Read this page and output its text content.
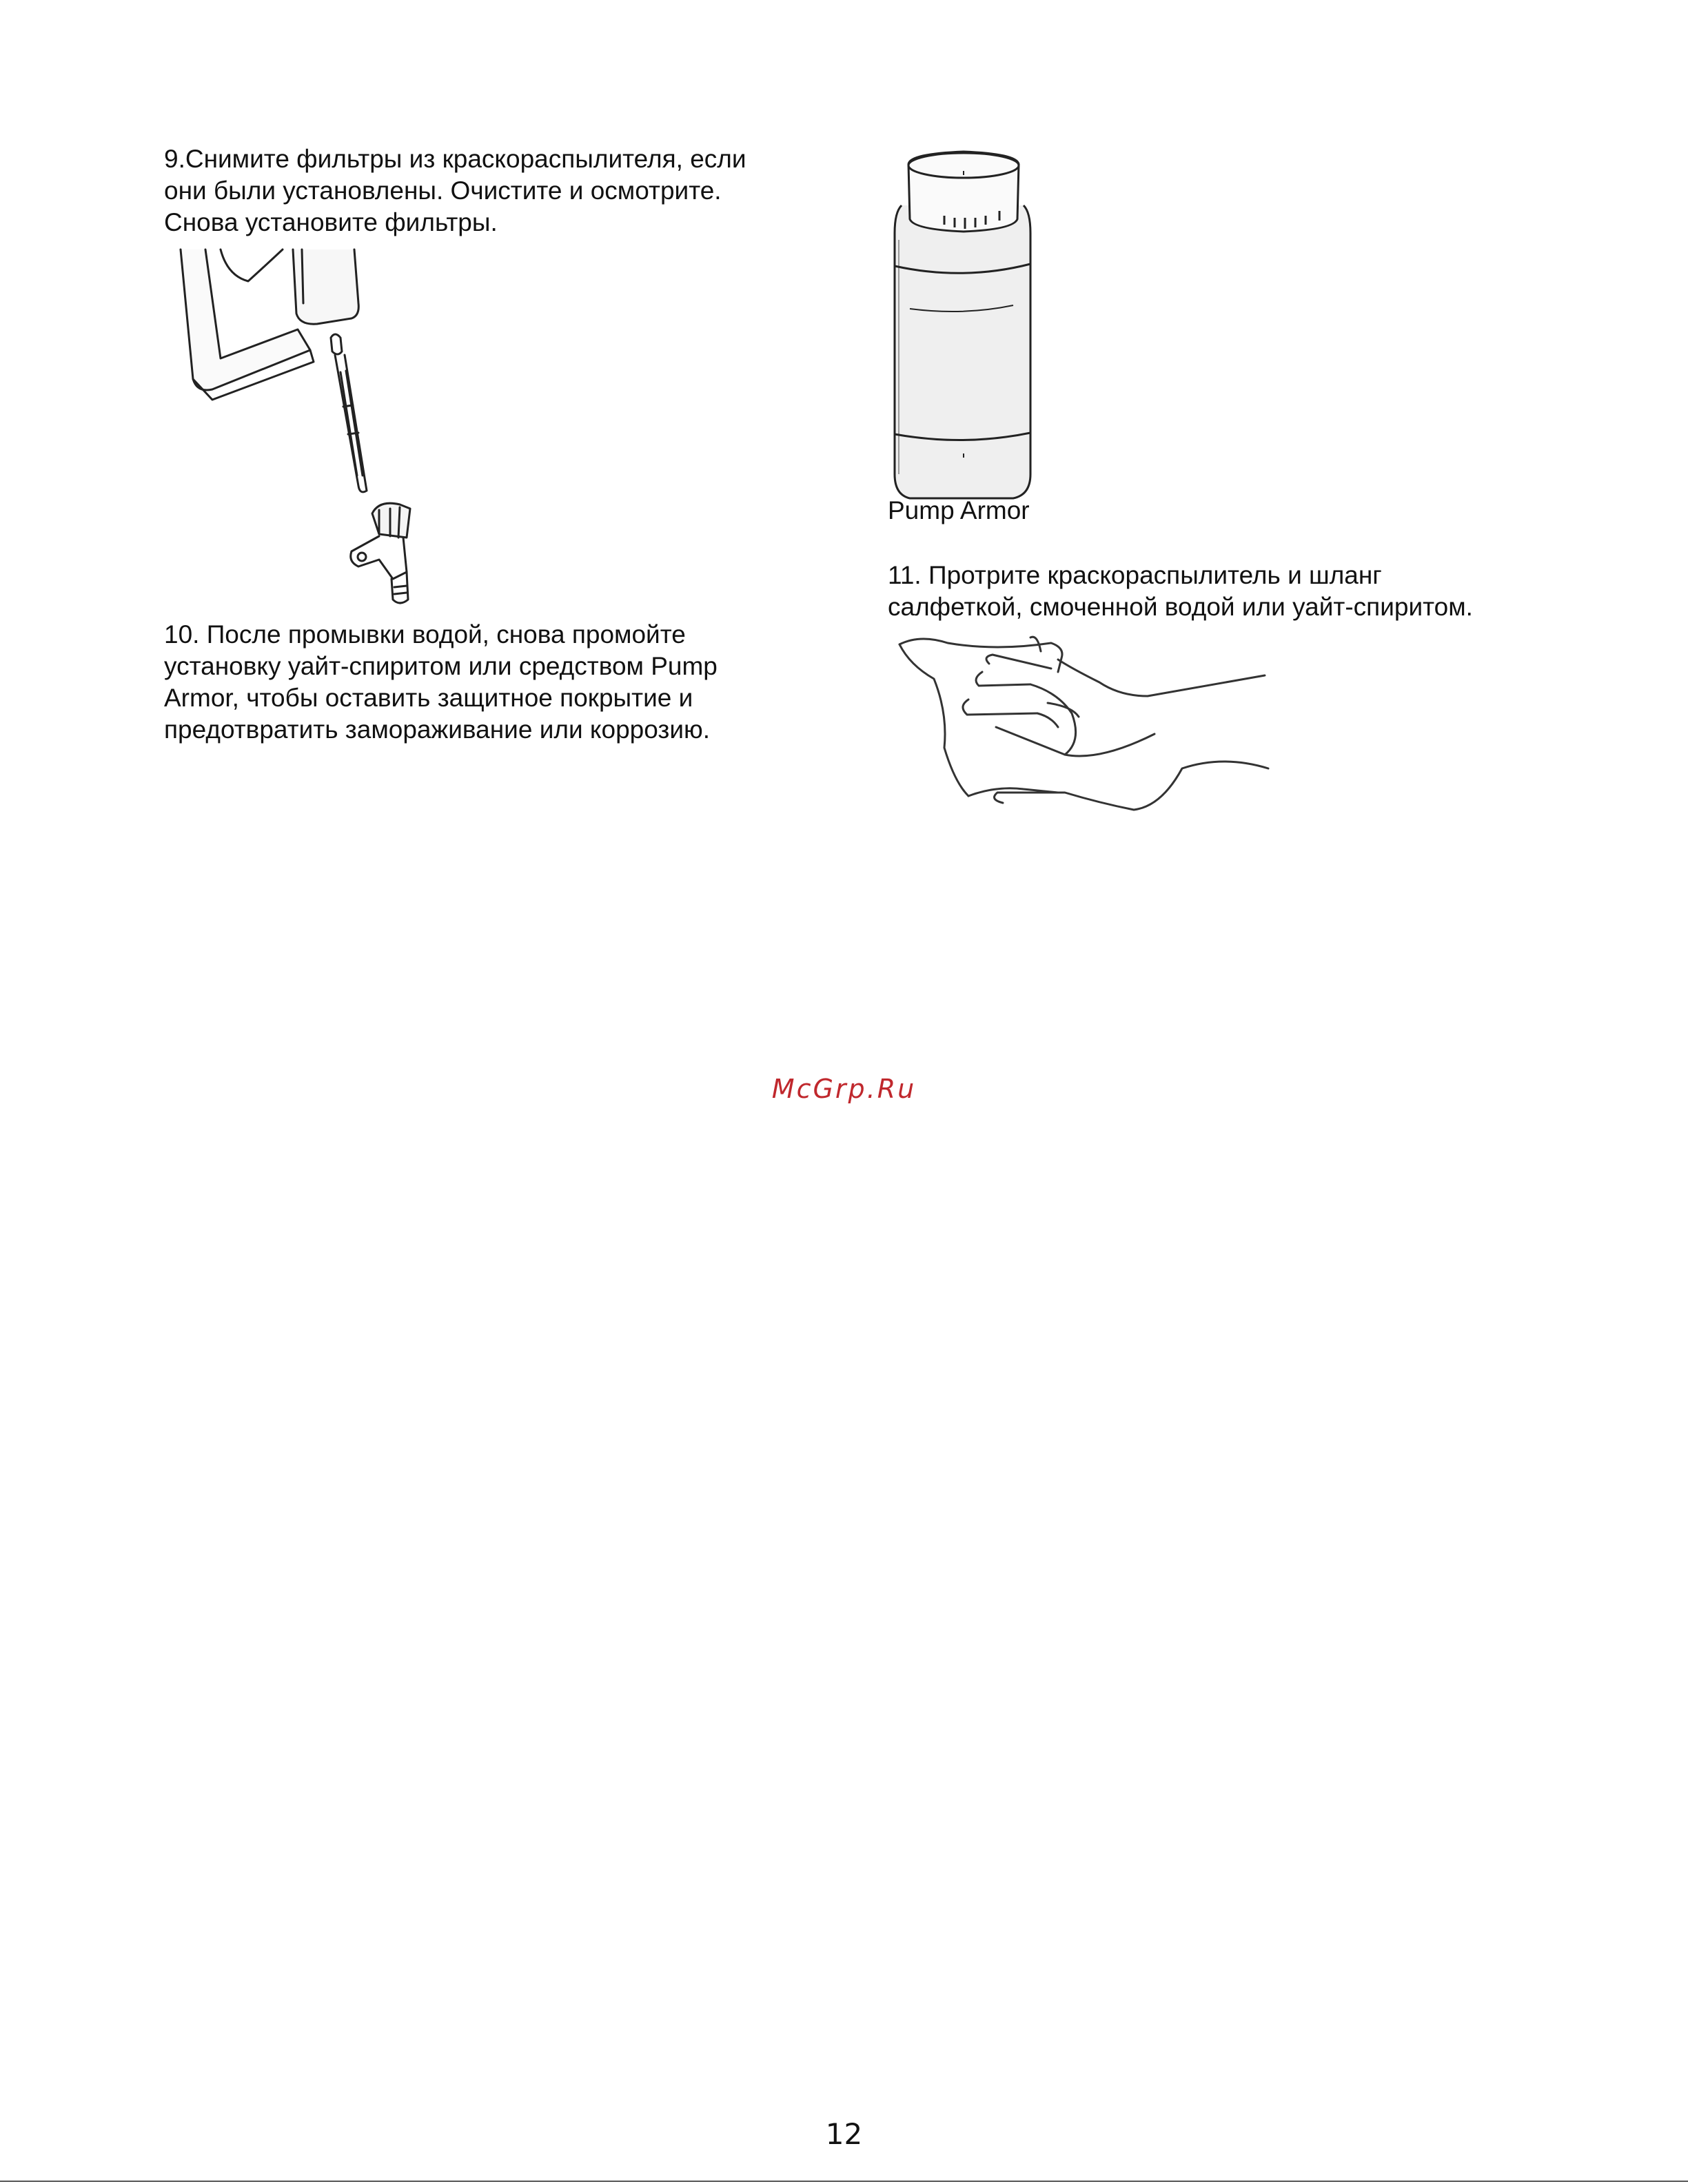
9.Снимите фильтры из краскораспылителя, если
они были установлены. Очистите и осмотрите.
Снова установите фильтры.

10. После промывки водой, снова промойте
установку уайт-спиритом или средством Pump
Armor, чтобы оставить защитное покрытие и
предотвратить замораживание или коррозию.

Pump Armor

11. Протрите краскораспылитель и шланг
салфеткой, смоченной водой или уайт-спиритом.

McGrp.Ru
12
